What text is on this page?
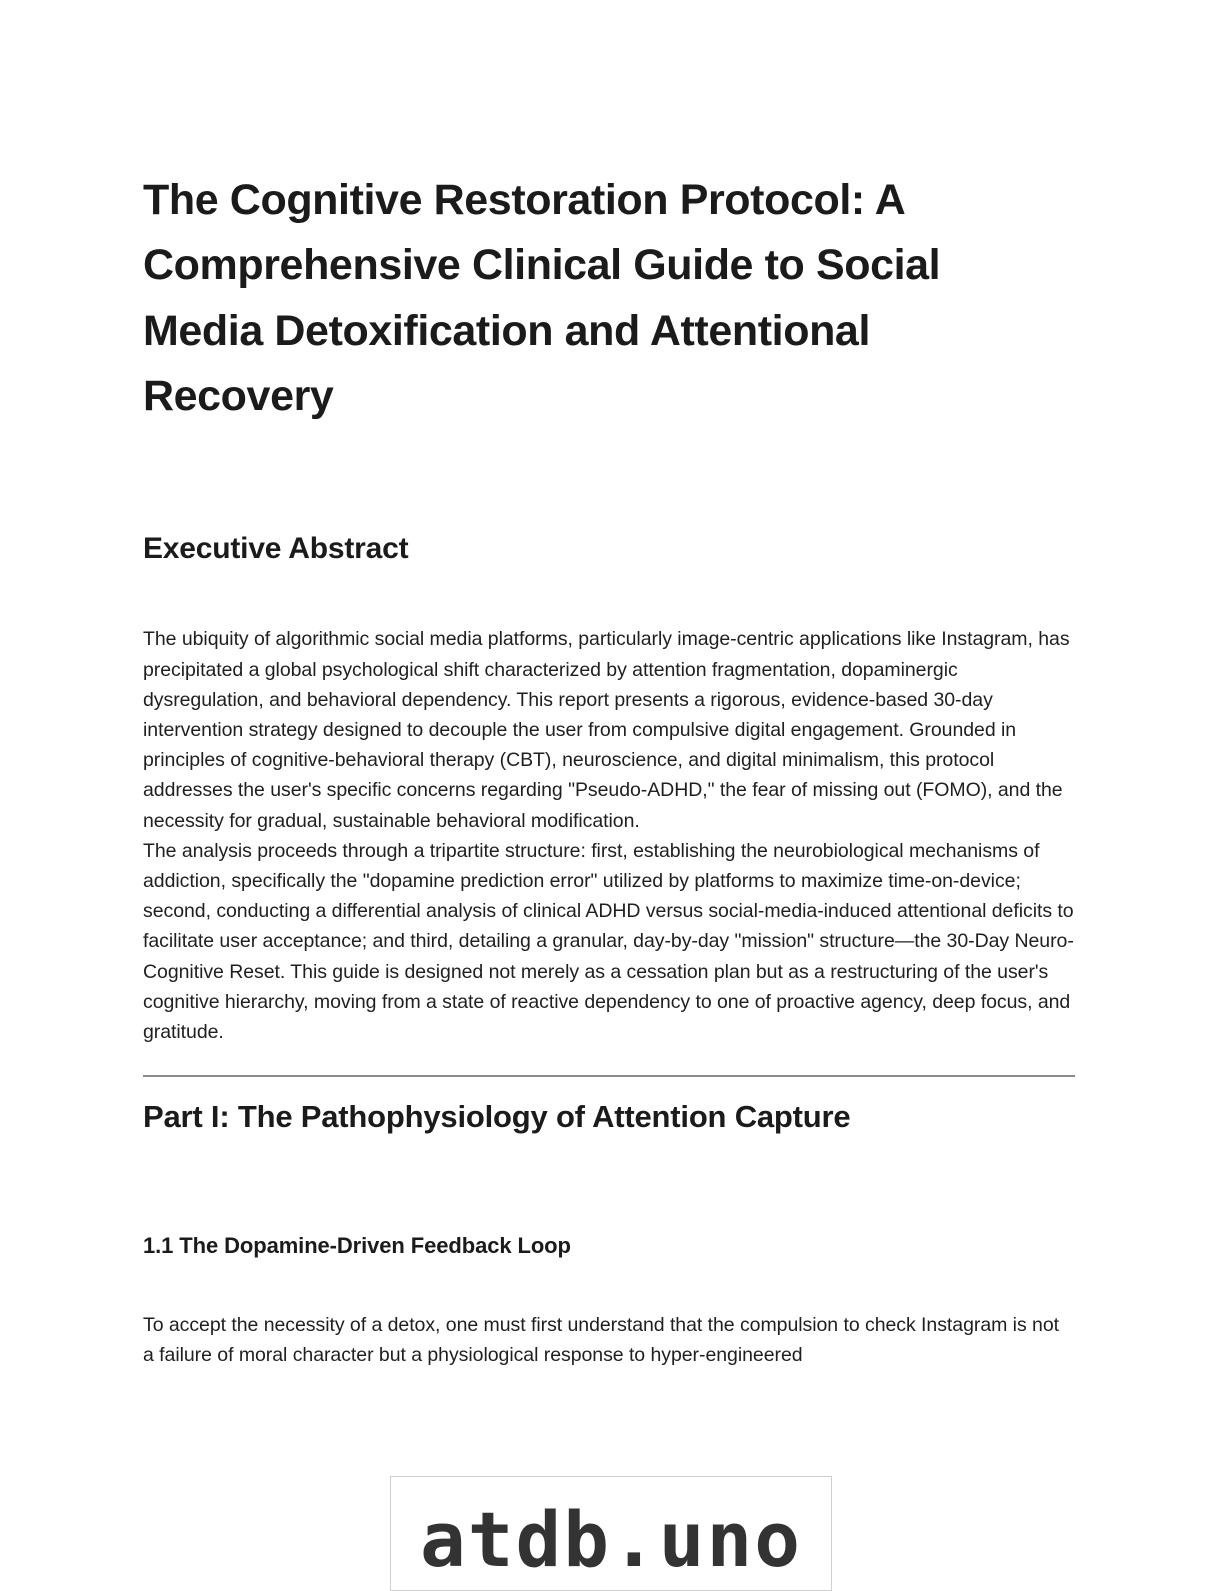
The Cognitive Restoration Protocol: A Comprehensive Clinical Guide to Social Media Detoxification and Attentional Recovery
Executive Abstract

The ubiquity of algorithmic social media platforms, particularly image-centric applications like Instagram, has precipitated a global psychological shift characterized by attention fragmentation, dopaminergic dysregulation, and behavioral dependency. This report presents a rigorous, evidence-based 30-day intervention strategy designed to decouple the user from compulsive digital engagement. Grounded in principles of cognitive-behavioral therapy (CBT), neuroscience, and digital minimalism, this protocol addresses the user's specific concerns regarding "Pseudo-ADHD," the fear of missing out (FOMO), and the necessity for gradual, sustainable behavioral modification.

The analysis proceeds through a tripartite structure: first, establishing the neurobiological mechanisms of addiction, specifically the "dopamine prediction error" utilized by platforms to maximize time-on-device; second, conducting a differential analysis of clinical ADHD versus social-media-induced attentional deficits to facilitate user acceptance; and third, detailing a granular, day-by-day "mission" structure—the 30-Day Neuro-Cognitive Reset. This guide is designed not merely as a cessation plan but as a restructuring of the user's cognitive hierarchy, moving from a state of reactive dependency to one of proactive agency, deep focus, and gratitude.

Part I: The Pathophysiology of Attention Capture
1.1 The Dopamine-Driven Feedback Loop

To accept the necessity of a detox, one must first understand that the compulsion to check Instagram is not a failure of moral character but a physiological response to hyper-engineered

atdb.uno
